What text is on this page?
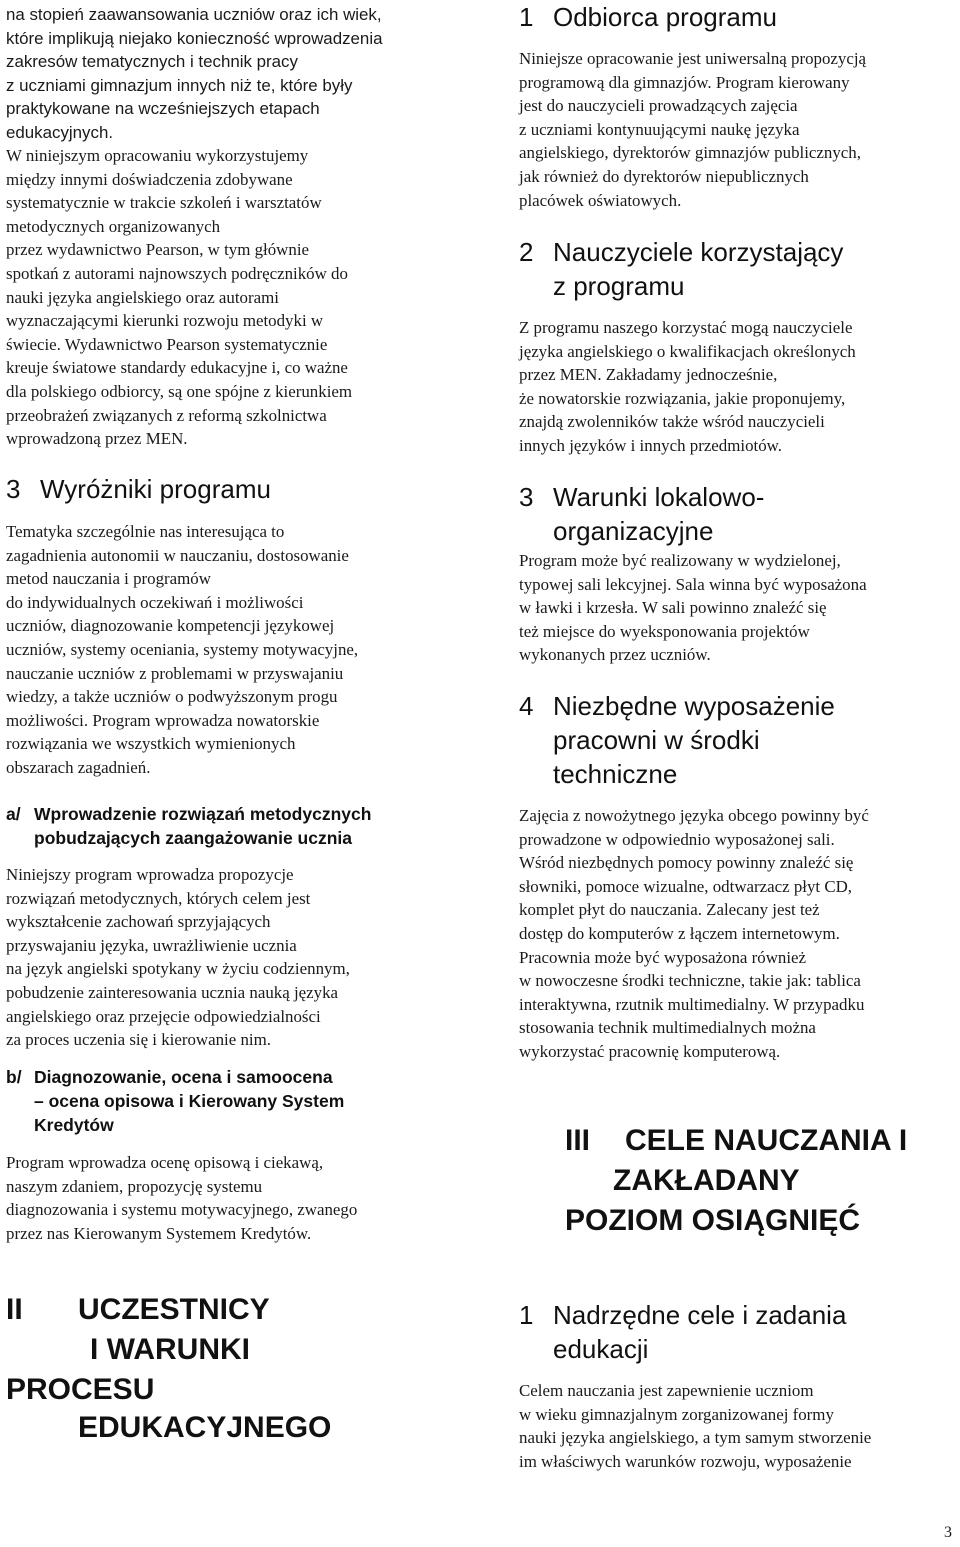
na stopień zaawansowania uczniów oraz ich wiek,
które implikują niejako konieczność wprowadzenia
zakresów tematycznych i technik pracy
z uczniami gimnazjum innych niż te, które były
praktykowane na wcześniejszych etapach
edukacyjnych.

W niniejszym opracowaniu wykorzystujemy
między innymi doświadczenia zdobywane
systematycznie w trakcie szkoleń i warsztatów
metodycznych organizowanych
przez wydawnictwo Pearson, w tym głównie
spotkań z autorami najnowszych podręczników do
nauki języka angielskiego oraz autorami
wyznaczającymi kierunki rozwoju metodyki w
świecie. Wydawnictwo Pearson systematycznie
kreuje światowe standardy edukacyjne i, co ważne
dla polskiego odbiorcy, są one spójne z kierunkiem
przeobrażeń związanych z reformą szkolnictwa
wprowadzoną przez MEN.

3 Wyróżniki programu

Tematyka szczególnie nas interesująca to
zagadnienia autonomii w nauczaniu, dostosowanie
metod nauczania i programów
do indywidualnych oczekiwań i możliwości
uczniów, diagnozowanie kompetencji językowej
uczniów, systemy oceniania, systemy motywacyjne,
nauczanie uczniów z problemami w przyswajaniu
wiedzy, a także uczniów o podwyższonym progu
możliwości. Program wprowadza nowatorskie
rozwiązania we wszystkich wymienionych
obszarach zagadnień.

a/ Wprowadzenie rozwiązań metodycznych
pobudzających zaangażowanie ucznia

Niniejszy program wprowadza propozycje
rozwiązań metodycznych, których celem jest
wykształcenie zachowań sprzyjających
przyswajaniu języka, uwrażliwienie ucznia
na język angielski spotykany w życiu codziennym,
pobudzenie zainteresowania ucznia nauką języka
angielskiego oraz przejęcie odpowiedzialności
za proces uczenia się i kierowanie nim.

b/ Diagnozowanie, ocena i samoocena
– ocena opisowa i Kierowany System
Kredytów

Program wprowadza ocenę opisową i ciekawą,
naszym zdaniem, propozycję systemu
diagnozowania i systemu motywacyjnego, zwanego
przez nas Kierowanym Systemem Kredytów.

II UCZESTNICY
I WARUNKI
PROCESU
EDUKACYJNEGO
1 Odbiorca programu

Niniejsze opracowanie jest uniwersalną propozycją
programową dla gimnazjów. Program kierowany
jest do nauczycieli prowadzących zajęcia
z uczniami kontynuującymi naukę języka
angielskiego, dyrektorów gimnazjów publicznych,
jak również do dyrektorów niepublicznych
placówek oświatowych.

2 Nauczyciele korzystający
z programu

Z programu naszego korzystać mogą nauczyciele
języka angielskiego o kwalifikacjach określonych
przez MEN. Zakładamy jednocześnie,
że nowatorskie rozwiązania, jakie proponujemy,
znajdą zwolenników także wśród nauczycieli
innych języków i innych przedmiotów.

3 Warunki lokalowo-
organizacyjne

Program może być realizowany w wydzielonej,
typowej sali lekcyjnej. Sala winna być wyposażona
w ławki i krzesła. W sali powinno znaleźć się
też miejsce do wyeksponowania projektów
wykonanych przez uczniów.

4 Niezbędne wyposażenie
pracowni w środki
techniczne

Zajęcia z nowożytnego języka obcego powinny być
prowadzone w odpowiednio wyposażonej sali.
Wśród niezbędnych pomocy powinny znaleźć się
słowniki, pomoce wizualne, odtwarzacz płyt CD,
komplet płyt do nauczania. Zalecany jest też
dostęp do komputerów z łączem internetowym.
Pracownia może być wyposażona również
w nowoczesne środki techniczne, takie jak: tablica
interaktywna, rzutnik multimedialny. W przypadku
stosowania technik multimedialnych można
wykorzystać pracownię komputerową.

III CELE NAUCZANIA I
ZAKŁADANY
POZIOM OSIĄGNIĘĆ
1 Nadrzędne cele i zadania
edukacji

Celem nauczania jest zapewnienie uczniom
w wieku gimnazjalnym zorganizowanej formy
nauki języka angielskiego, a tym samym stworzenie
im właściwych warunków rozwoju, wyposażenie

3
